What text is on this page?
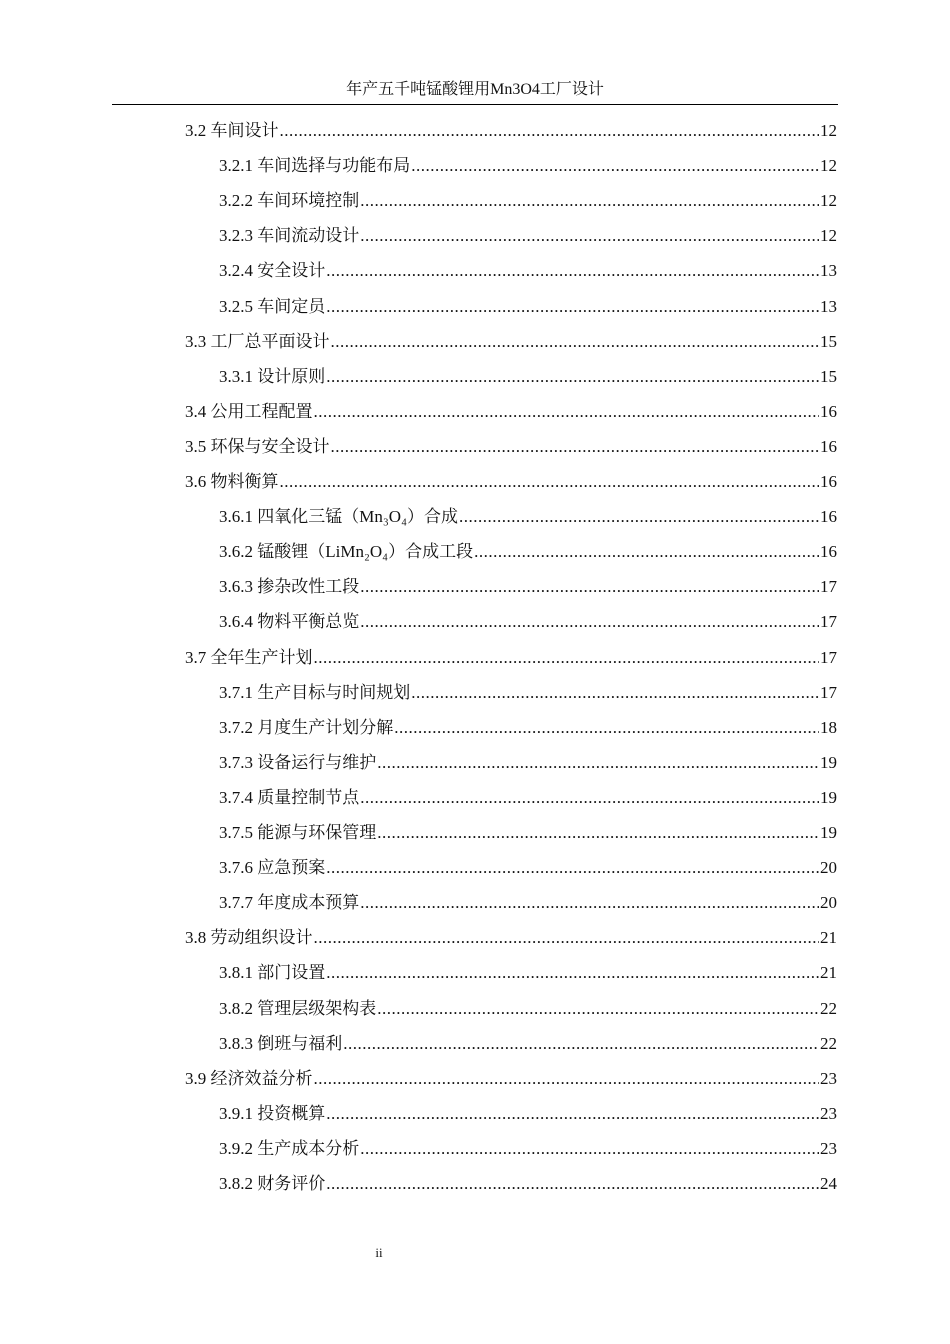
年产五千吨锰酸锂用Mn3O4工厂设计
3.2 车间设计 .....	12
3.2.1 车间选择与功能布局 .....	12
3.2.2 车间环境控制 .....	12
3.2.3 车间流动设计 .....	12
3.2.4 安全设计 .....	13
3.2.5 车间定员 .....	13
3.3 工厂总平面设计 .....	15
3.3.1 设计原则 .....	15
3.4 公用工程配置 .....	16
3.5 环保与安全设计 .....	16
3.6 物料衡算 .....	16
3.6.1 四氧化三锰（Mn₃O₄）合成 .....	16
3.6.2 锰酸锂（LiMn₂O₄）合成工段 .....	16
3.6.3 掺杂改性工段 .....	17
3.6.4 物料平衡总览 .....	17
3.7 全年生产计划 .....	17
3.7.1 生产目标与时间规划 .....	17
3.7.2 月度生产计划分解 .....	18
3.7.3 设备运行与维护 .....	19
3.7.4 质量控制节点 .....	19
3.7.5 能源与环保管理 .....	19
3.7.6 应急预案 .....	20
3.7.7 年度成本预算 .....	20
3.8 劳动组织设计 .....	21
3.8.1 部门设置 .....	21
3.8.2 管理层级架构表 .....	22
3.8.3 倒班与福利 .....	22
3.9 经济效益分析 .....	23
3.9.1 投资概算 .....	23
3.9.2 生产成本分析 .....	23
3.8.2 财务评价 .....	24
ii
